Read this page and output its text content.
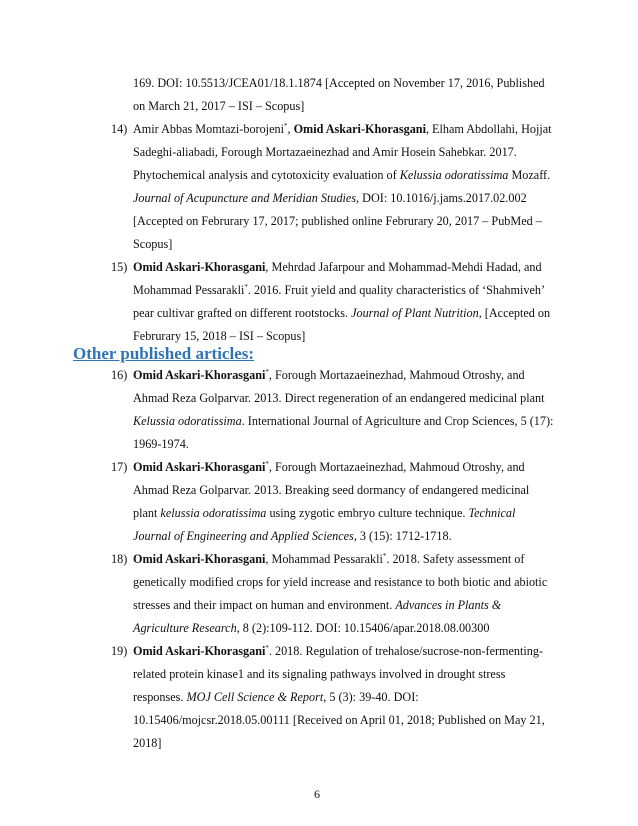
169. DOI: 10.5513/JCEA01/18.1.1874 [Accepted on November 17, 2016, Published
on March 21, 2017 – ISI – Scopus]
14) Amir Abbas Momtazi-borojeni*, Omid Askari-Khorasgani, Elham Abdollahi, Hojjat
Sadeghi-aliabadi, Forough Mortazaeinezhad and Amir Hosein Sahebkar. 2017.
Phytochemical analysis and cytotoxicity evaluation of Kelussia odoratissima Mozaff.
Journal of Acupuncture and Meridian Studies, DOI: 10.1016/j.jams.2017.02.002
[Accepted on Februrary 17, 2017; published online Februrary 20, 2017 – PubMed –
Scopus]
15) Omid Askari-Khorasgani, Mehrdad Jafarpour and Mohammad-Mehdi Hadad, and
Mohammad Pessarakli*. 2016. Fruit yield and quality characteristics of ‘Shahmiveh’
pear cultivar grafted on different rootstocks. Journal of Plant Nutrition, [Accepted on
Februrary 15, 2018 – ISI – Scopus]
Other published articles:
16) Omid Askari-Khorasgani*, Forough Mortazaeinezhad, Mahmoud Otroshy, and
Ahmad Reza Golparvar. 2013. Direct regeneration of an endangered medicinal plant
Kelussia odoratissima. International Journal of Agriculture and Crop Sciences, 5 (17):
1969-1974.
17) Omid Askari-Khorasgani*, Forough Mortazaeinezhad, Mahmoud Otroshy, and
Ahmad Reza Golparvar. 2013. Breaking seed dormancy of endangered medicinal
plant kelussia odoratissima using zygotic embryo culture technique. Technical
Journal of Engineering and Applied Sciences, 3 (15): 1712-1718.
18) Omid Askari-Khorasgani, Mohammad Pessarakli*. 2018. Safety assessment of
genetically modified crops for yield increase and resistance to both biotic and abiotic
stresses and their impact on human and environment. Advances in Plants &
Agriculture Research, 8 (2):109-112. DOI: 10.15406/apar.2018.08.00300
19) Omid Askari-Khorasgani*. 2018. Regulation of trehalose/sucrose-non-fermenting-
related protein kinase1 and its signaling pathways involved in drought stress
responses. MOJ Cell Science & Report, 5 (3): 39-40. DOI:
10.15406/mojcsr.2018.05.00111 [Received on April 01, 2018; Published on May 21,
2018]
6
